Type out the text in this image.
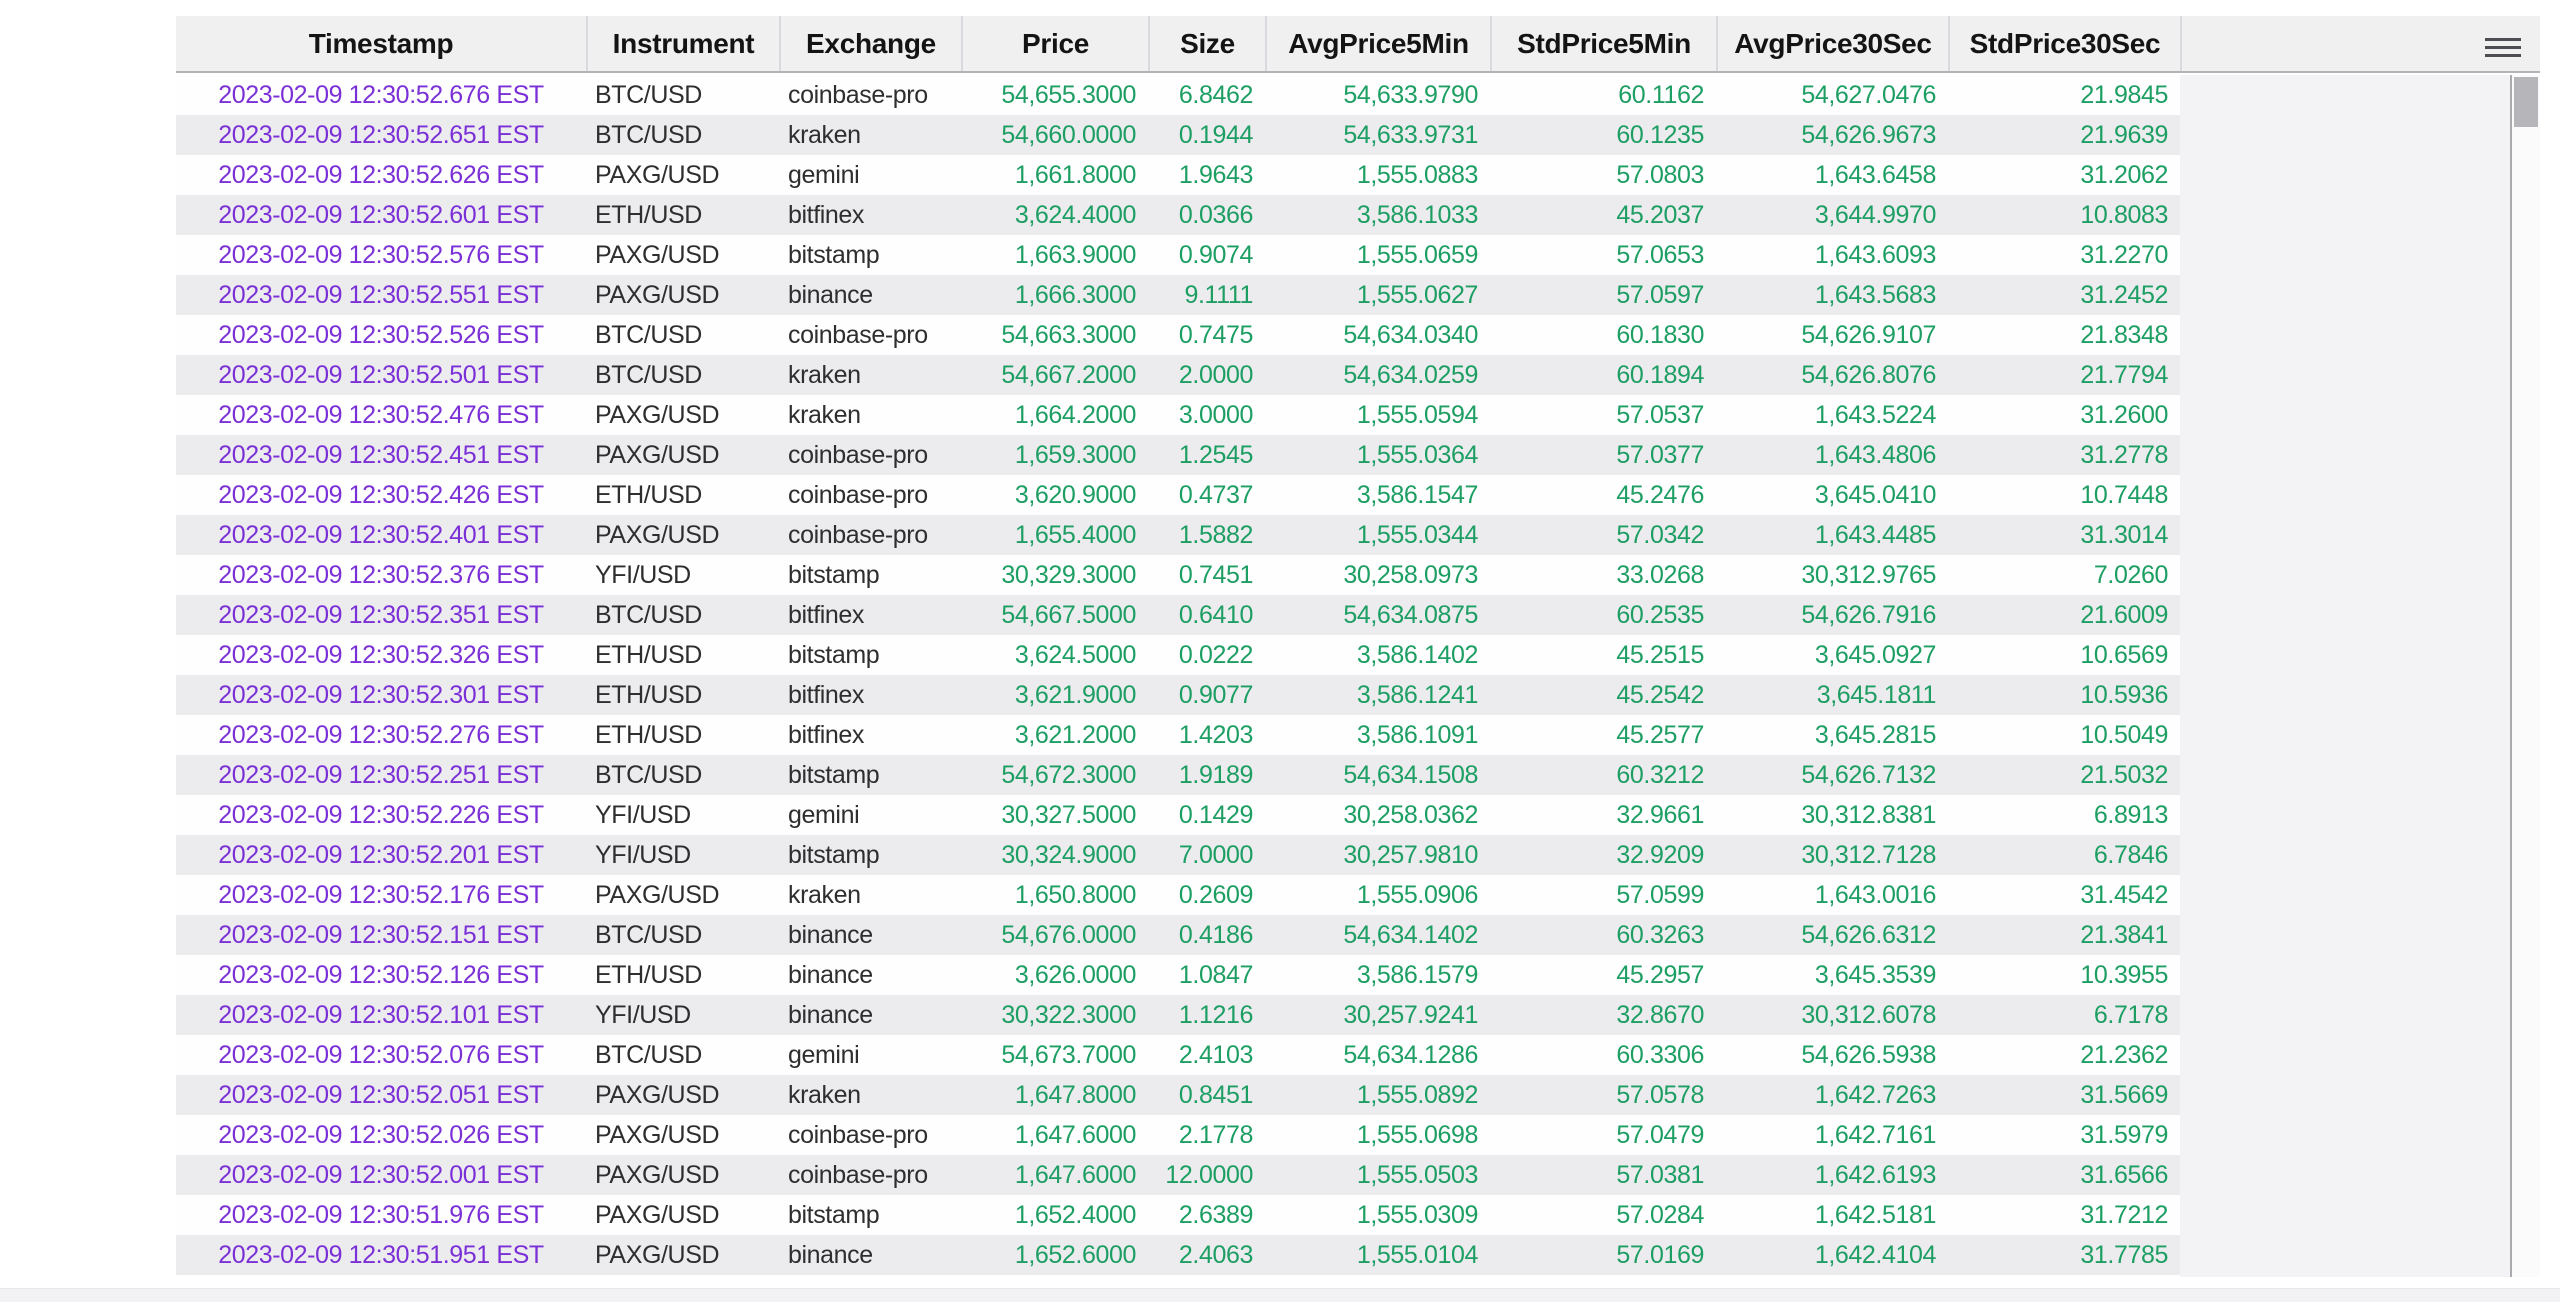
Timestamp	Instrument	Exchange	Price	Size	AvgPrice5Min	StdPrice5Min	AvgPrice30Sec	StdPrice30Sec
2023-02-09 12:30:52.676 EST	BTC/USD	coinbase-pro	54,655.3000	6.8462	54,633.9790	60.1162	54,627.0476	21.9845
2023-02-09 12:30:52.651 EST	BTC/USD	kraken	54,660.0000	0.1944	54,633.9731	60.1235	54,626.9673	21.9639
2023-02-09 12:30:52.626 EST	PAXG/USD	gemini	1,661.8000	1.9643	1,555.0883	57.0803	1,643.6458	31.2062
2023-02-09 12:30:52.601 EST	ETH/USD	bitfinex	3,624.4000	0.0366	3,586.1033	45.2037	3,644.9970	10.8083
2023-02-09 12:30:52.576 EST	PAXG/USD	bitstamp	1,663.9000	0.9074	1,555.0659	57.0653	1,643.6093	31.2270
2023-02-09 12:30:52.551 EST	PAXG/USD	binance	1,666.3000	9.1111	1,555.0627	57.0597	1,643.5683	31.2452
2023-02-09 12:30:52.526 EST	BTC/USD	coinbase-pro	54,663.3000	0.7475	54,634.0340	60.1830	54,626.9107	21.8348
2023-02-09 12:30:52.501 EST	BTC/USD	kraken	54,667.2000	2.0000	54,634.0259	60.1894	54,626.8076	21.7794
2023-02-09 12:30:52.476 EST	PAXG/USD	kraken	1,664.2000	3.0000	1,555.0594	57.0537	1,643.5224	31.2600
2023-02-09 12:30:52.451 EST	PAXG/USD	coinbase-pro	1,659.3000	1.2545	1,555.0364	57.0377	1,643.4806	31.2778
2023-02-09 12:30:52.426 EST	ETH/USD	coinbase-pro	3,620.9000	0.4737	3,586.1547	45.2476	3,645.0410	10.7448
2023-02-09 12:30:52.401 EST	PAXG/USD	coinbase-pro	1,655.4000	1.5882	1,555.0344	57.0342	1,643.4485	31.3014
2023-02-09 12:30:52.376 EST	YFI/USD	bitstamp	30,329.3000	0.7451	30,258.0973	33.0268	30,312.9765	7.0260
2023-02-09 12:30:52.351 EST	BTC/USD	bitfinex	54,667.5000	0.6410	54,634.0875	60.2535	54,626.7916	21.6009
2023-02-09 12:30:52.326 EST	ETH/USD	bitstamp	3,624.5000	0.0222	3,586.1402	45.2515	3,645.0927	10.6569
2023-02-09 12:30:52.301 EST	ETH/USD	bitfinex	3,621.9000	0.9077	3,586.1241	45.2542	3,645.1811	10.5936
2023-02-09 12:30:52.276 EST	ETH/USD	bitfinex	3,621.2000	1.4203	3,586.1091	45.2577	3,645.2815	10.5049
2023-02-09 12:30:52.251 EST	BTC/USD	bitstamp	54,672.3000	1.9189	54,634.1508	60.3212	54,626.7132	21.5032
2023-02-09 12:30:52.226 EST	YFI/USD	gemini	30,327.5000	0.1429	30,258.0362	32.9661	30,312.8381	6.8913
2023-02-09 12:30:52.201 EST	YFI/USD	bitstamp	30,324.9000	7.0000	30,257.9810	32.9209	30,312.7128	6.7846
2023-02-09 12:30:52.176 EST	PAXG/USD	kraken	1,650.8000	0.2609	1,555.0906	57.0599	1,643.0016	31.4542
2023-02-09 12:30:52.151 EST	BTC/USD	binance	54,676.0000	0.4186	54,634.1402	60.3263	54,626.6312	21.3841
2023-02-09 12:30:52.126 EST	ETH/USD	binance	3,626.0000	1.0847	3,586.1579	45.2957	3,645.3539	10.3955
2023-02-09 12:30:52.101 EST	YFI/USD	binance	30,322.3000	1.1216	30,257.9241	32.8670	30,312.6078	6.7178
2023-02-09 12:30:52.076 EST	BTC/USD	gemini	54,673.7000	2.4103	54,634.1286	60.3306	54,626.5938	21.2362
2023-02-09 12:30:52.051 EST	PAXG/USD	kraken	1,647.8000	0.8451	1,555.0892	57.0578	1,642.7263	31.5669
2023-02-09 12:30:52.026 EST	PAXG/USD	coinbase-pro	1,647.6000	2.1778	1,555.0698	57.0479	1,642.7161	31.5979
2023-02-09 12:30:52.001 EST	PAXG/USD	coinbase-pro	1,647.6000	12.0000	1,555.0503	57.0381	1,642.6193	31.6566
2023-02-09 12:30:51.976 EST	PAXG/USD	bitstamp	1,652.4000	2.6389	1,555.0309	57.0284	1,642.5181	31.7212
2023-02-09 12:30:51.951 EST	PAXG/USD	binance	1,652.6000	2.4063	1,555.0104	57.0169	1,642.4104	31.7785
